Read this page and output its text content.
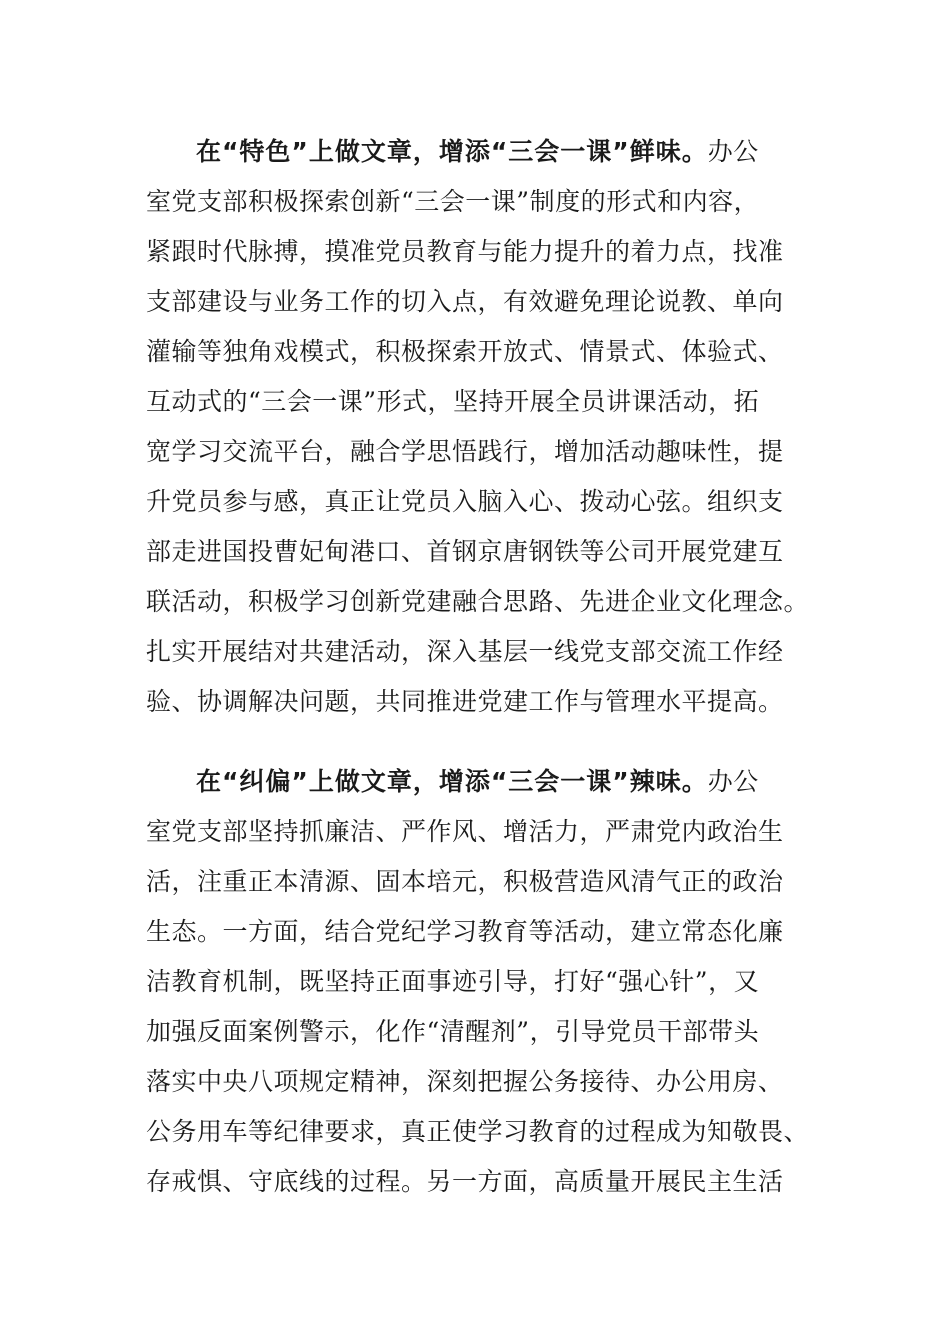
在“特色”上做文章，增添“三会一课”鲜味。办公
室党支部积极探索创新“三会一课”制度的形式和内容，
紧跟时代脉搏，摸准党员教育与能力提升的着力点，找准
支部建设与业务工作的切入点，有效避免理论说教、单向
灌输等独角戏模式，积极探索开放式、情景式、体验式、
互动式的“三会一课”形式，坚持开展全员讲课活动，拓
宽学习交流平台，融合学思悟践行，增加活动趣味性，提
升党员参与感，真正让党员入脑入心、拨动心弦。组织支
部走进国投曹妃甸港口、首钢京唐钢铁等公司开展党建互
联活动，积极学习创新党建融合思路、先进企业文化理念。
扎实开展结对共建活动，深入基层一线党支部交流工作经
验、协调解决问题，共同推进党建工作与管理水平提高。
在“纠偏”上做文章，增添“三会一课”辣味。办公
室党支部坚持抓廉洁、严作风、增活力，严肃党内政治生
活，注重正本清源、固本培元，积极营造风清气正的政治
生态。一方面，结合党纪学习教育等活动，建立常态化廉
洁教育机制，既坚持正面事迹引导，打好“强心针”，又
加强反面案例警示，化作“清醒剂”，引导党员干部带头
落实中央八项规定精神，深刻把握公务接待、办公用房、
公务用车等纪律要求，真正使学习教育的过程成为知敬畏、
存戒惧、守底线的过程。另一方面，高质量开展民主生活
